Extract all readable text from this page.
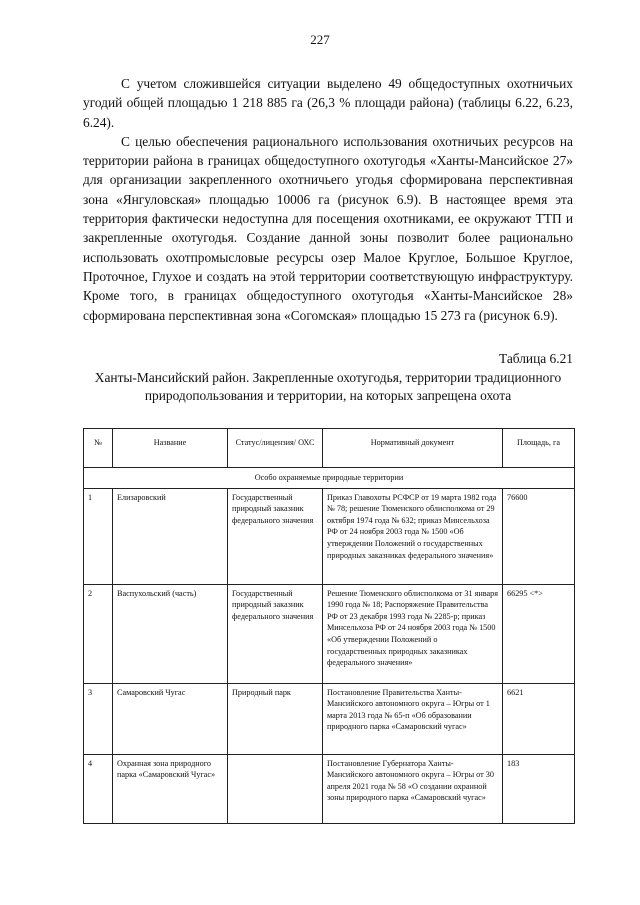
227

С учетом сложившейся ситуации выделено 49 общедоступных охотничьих угодий общей площадью 1 218 885 га (26,3 % площади района) (таблицы 6.22, 6.23, 6.24).

С целью обеспечения рационального использования охотничьих ресурсов на территории района в границах общедоступного охотугодья «Ханты-Мансийское 27» для организации закрепленного охотничьего угодья сформирована перспективная зона «Янгуловская» площадью 10006 га (рисунок 6.9). В настоящее время эта территория фактически недоступна для посещения охотниками, ее окружают ТТП и закрепленные охотугодья. Создание данной зоны позволит более рационально использовать охотпромысловые ресурсы озер Малое Круглое, Большое Круглое, Проточное, Глухое и создать на этой территории соответствующую инфраструктуру. Кроме того, в границах общедоступного охотугодья «Ханты-Мансийское 28» сформирована перспективная зона «Согомская» площадью 15 273 га (рисунок 6.9).

Таблица 6.21
Ханты-Мансийский район. Закрепленные охотугодья, территории традиционного природопользования и территории, на которых запрещена охота
№	Название	Статус/лицензия/ ОХС	Нормативный документ	Площадь, га
Особо охраняемые природные территории				
1	Елизаровский	Государственный природный заказник федерального значения	Приказ Главохоты РСФСР от 19 марта 1982 года № 78; решение Тюменского облисполкома от 29 октября 1974 года № 632; приказ Минсельхоза РФ от 24 ноября 2003 года № 1500 «Об утверждении Положений о государственных природных заказниках федерального значения»	76600
2	Васпухольский (часть)	Государственный природный заказник федерального значения	Решение Тюменского облисполкома от 31 января 1990 года № 18; Распоряжение Правительства РФ от 23 декабря 1993 года № 2285-р; приказ Минсельхоза РФ от 24 ноября 2003 года № 1500 «Об утверждении Положений о государственных природных заказниках федерального значения»	66295 <*>
3	Самаровский Чугас	Природный парк	Постановление Правительства Ханты-Мансийского автономного округа – Югры от 1 марта 2013 года № 65-п «Об образовании природного парка «Самаровский чугас»	6621
4	Охранная зона природного парка «Самаровский Чугас»		Постановление Губернатора Ханты-Мансийского автономного округа – Югры от 30 апреля 2021 года № 58 «О создании охранной зоны природного парка «Самаровский чугас»	183
